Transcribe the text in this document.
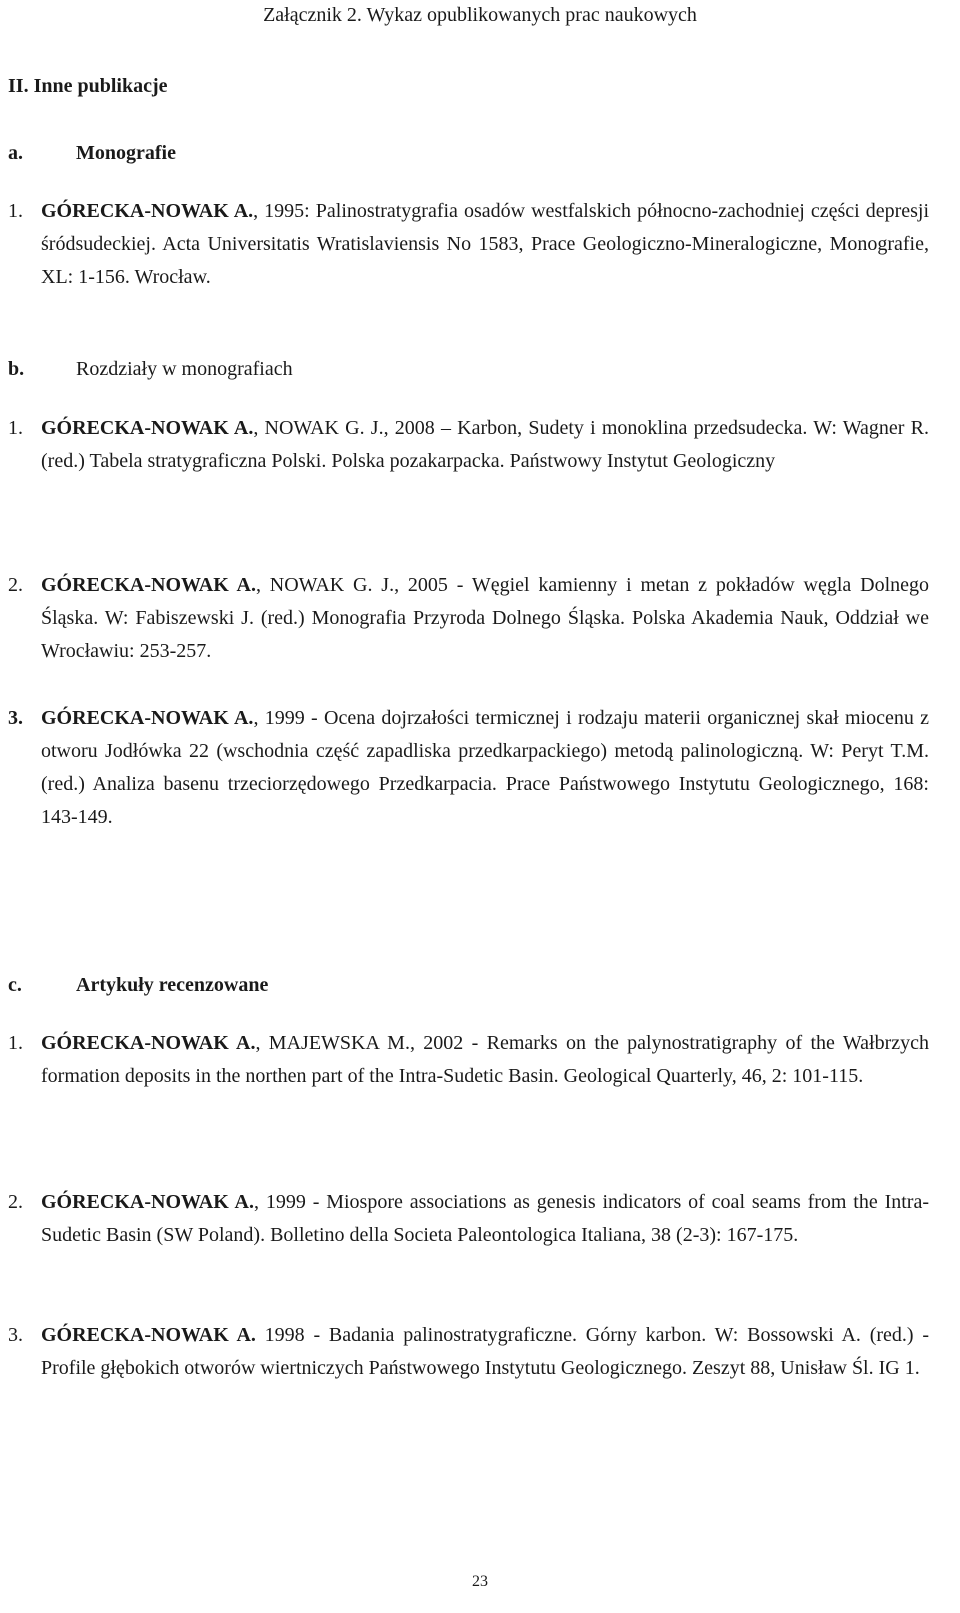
Załącznik 2. Wykaz opublikowanych prac naukowych
II. Inne publikacje
a.	Monografie
1. GÓRECKA-NOWAK A., 1995: Palinostratygrafia osadów westfalskich północno-zachodniej części depresji śródsudeckiej. Acta Universitatis Wratislaviensis No 1583, Prace Geologiczno-Mineralogiczne, Monografie, XL: 1-156. Wrocław.
b.	Rozdziały w monografiach
1. GÓRECKA-NOWAK A., NOWAK G. J., 2008 – Karbon, Sudety i monoklina przedsudecka. W: Wagner R. (red.) Tabela stratygraficzna Polski. Polska pozakarpacka. Państwowy Instytut Geologiczny
2. GÓRECKA-NOWAK A., NOWAK G. J., 2005 - Węgiel kamienny i metan z pokładów węgla Dolnego Śląska. W: Fabiszewski J. (red.) Monografia Przyroda Dolnego Śląska. Polska Akademia Nauk, Oddział we Wrocławiu: 253-257.
3. GÓRECKA-NOWAK A., 1999 - Ocena dojrzałości termicznej i rodzaju materii organicznej skał miocenu z otworu Jodłówka 22 (wschodnia część zapadliska przedkarpackiego) metodą palinologiczną. W: Peryt T.M. (red.) Analiza basenu trzeciorzędowego Przedkarpacia. Prace Państwowego Instytutu Geologicznego, 168: 143-149.
c.	Artykuły recenzowane
1. GÓRECKA-NOWAK A., MAJEWSKA M., 2002 - Remarks on the palynostratigraphy of the Wałbrzych formation deposits in the northen part of the Intra-Sudetic Basin. Geological Quarterly, 46, 2: 101-115.
2. GÓRECKA-NOWAK A., 1999 - Miospore associations as genesis indicators of coal seams from the Intra-Sudetic Basin (SW Poland). Bolletino della Societa Paleontologica Italiana, 38 (2-3): 167-175.
3. GÓRECKA-NOWAK A. 1998 - Badania palinostratygraficzne. Górny karbon. W: Bossowski A. (red.) - Profile głębokich otworów wiertniczych Państwowego Instytutu Geologicznego. Zeszyt 88, Unisław Śl. IG 1.
23
